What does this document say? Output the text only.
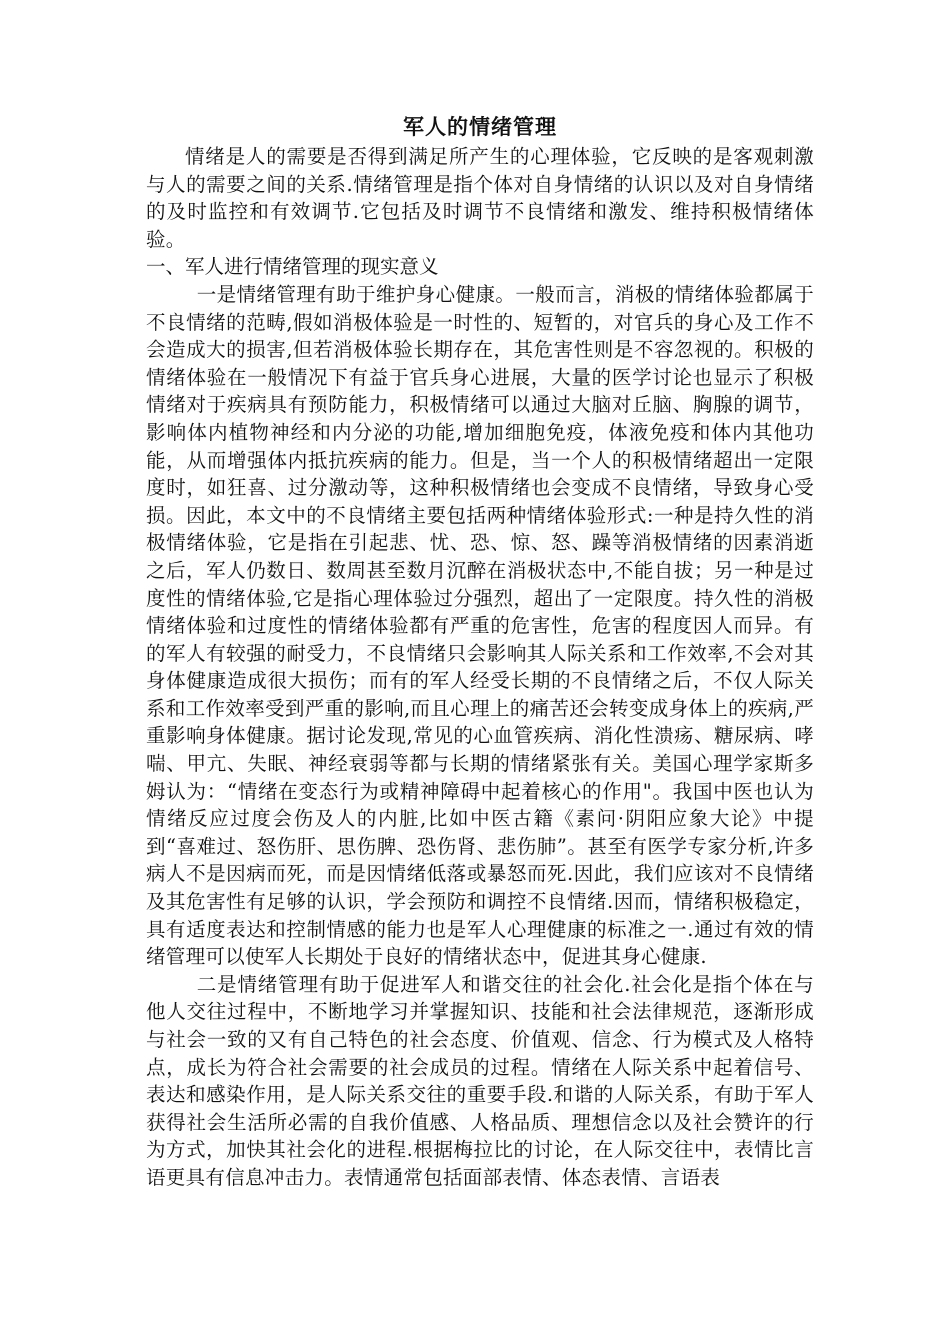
军人的情绪管理

情绪是人的需要是否得到满足所产生的心理体验，它反映的是客观刺激与人的需要之间的关系.情绪管理是指个体对自身情绪的认识以及对自身情绪的及时监控和有效调节.它包括及时调节不良情绪和激发、维持积极情绪体验。

一、军人进行情绪管理的现实意义

一是情绪管理有助于维护身心健康。一般而言，消极的情绪体验都属于不良情绪的范畴,假如消极体验是一时性的、短暂的，对官兵的身心及工作不会造成大的损害,但若消极体验长期存在，其危害性则是不容忽视的。积极的情绪体验在一般情况下有益于官兵身心进展，大量的医学讨论也显示了积极情绪对于疾病具有预防能力，积极情绪可以通过大脑对丘脑、胸腺的调节，影响体内植物神经和内分泌的功能,增加细胞免疫，体液免疫和体内其他功能，从而增强体内抵抗疾病的能力。但是，当一个人的积极情绪超出一定限度时，如狂喜、过分激动等，这种积极情绪也会变成不良情绪，导致身心受损。因此，本文中的不良情绪主要包括两种情绪体验形式:一种是持久性的消极情绪体验，它是指在引起悲、忧、恐、惊、怒、躁等消极情绪的因素消逝之后，军人仍数日、数周甚至数月沉醉在消极状态中,不能自拔；另一种是过度性的情绪体验,它是指心理体验过分强烈，超出了一定限度。持久性的消极情绪体验和过度性的情绪体验都有严重的危害性，危害的程度因人而异。有的军人有较强的耐受力，不良情绪只会影响其人际关系和工作效率,不会对其身体健康造成很大损伤；而有的军人经受长期的不良情绪之后，不仅人际关系和工作效率受到严重的影响,而且心理上的痛苦还会转变成身体上的疾病,严重影响身体健康。据讨论发现,常见的心血管疾病、消化性溃疡、糖尿病、哮喘、甲亢、失眠、神经衰弱等都与长期的情绪紧张有关。美国心理学家斯多姆认为：“情绪在变态行为或精神障碍中起着核心的作用"。我国中医也认为情绪反应过度会伤及人的内脏,比如中医古籍《素问·阴阳应象大论》中提到“喜难过、怒伤肝、思伤脾、恐伤肾、悲伤肺”。甚至有医学专家分析,许多病人不是因病而死，而是因情绪低落或暴怒而死.因此，我们应该对不良情绪及其危害性有足够的认识，学会预防和调控不良情绪.因而，情绪积极稳定，具有适度表达和控制情感的能力也是军人心理健康的标准之一.通过有效的情绪管理可以使军人长期处于良好的情绪状态中，促进其身心健康.

二是情绪管理有助于促进军人和谐交往的社会化.社会化是指个体在与他人交往过程中，不断地学习并掌握知识、技能和社会法律规范，逐渐形成与社会一致的又有自己特色的社会态度、价值观、信念、行为模式及人格特点，成长为符合社会需要的社会成员的过程。情绪在人际关系中起着信号、表达和感染作用，是人际关系交往的重要手段.和谐的人际关系，有助于军人获得社会生活所必需的自我价值感、人格品质、理想信念以及社会赞许的行为方式，加快其社会化的进程.根据梅拉比的讨论，在人际交往中，表情比言语更具有信息冲击力。表情通常包括面部表情、体态表情、言语表
